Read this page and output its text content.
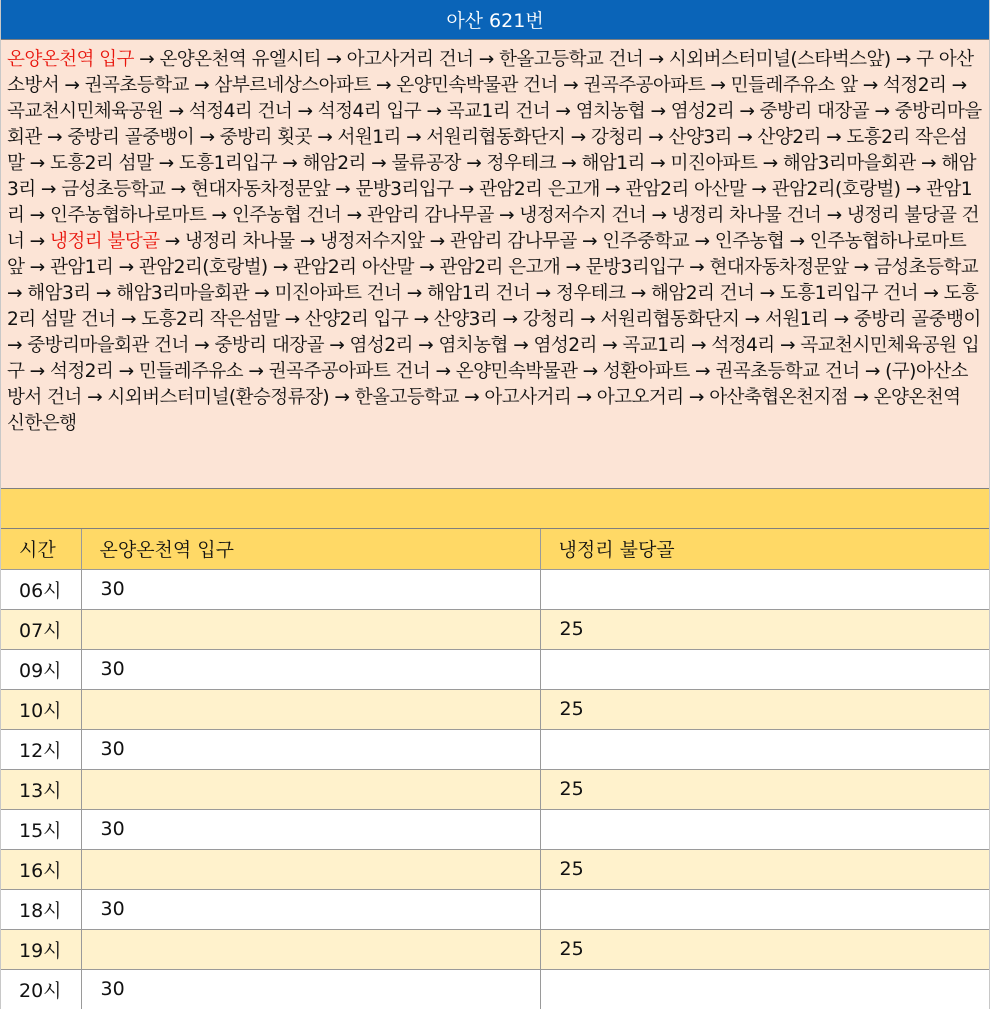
아산 621번
온양온천역 입구 → 온양온천역 유엘시티 → 아고사거리 건너 → 한올고등학교 건너 → 시외버스터미널(스타벅스앞) → 구 아산소방서 → 권곡초등학교 → 삼부르네상스아파트 → 온양민속박물관 건너 → 권곡주공아파트 → 민들레주유소 앞 → 석정2리 → 곡교천시민체육공원 → 석정4리 건너 → 석정4리 입구 → 곡교1리 건너 → 염치농협 → 염성2리 → 중방리 대장골 → 중방리마을회관 → 중방리 골중뱅이 → 중방리 횟곳 → 서원1리 → 서원리협동화단지 → 강청리 → 산양3리 → 산양2리 → 도흥2리 작은섬말 → 도흥2리 섬말 → 도흥1리입구 → 해암2리 → 물류공장 → 정우테크 → 해암1리 → 미진아파트 → 해암3리마을회관 → 해암3리 → 금성초등학교 → 현대자동차정문앞 → 문방3리입구 → 관암2리 은고개 → 관암2리 아산말 → 관암2리(호랑벌) → 관암1리 → 인주농협하나로마트 → 인주농협 건너 → 관암리 감나무골 → 냉정저수지 건너 → 냉정리 차나물 건너 → 냉정리 불당골 건너 → 냉정리 불당골 → 냉정리 차나물 → 냉정저수지앞 → 관암리 감나무골 → 인주중학교 → 인주농협 → 인주농협하나로마트 앞 → 관암1리 → 관암2리(호랑벌) → 관암2리 아산말 → 관암2리 은고개 → 문방3리입구 → 현대자동차정문앞 → 금성초등학교 → 해암3리 → 해암3리마을회관 → 미진아파트 건너 → 해암1리 건너 → 정우테크 → 해암2리 건너 → 도흥1리입구 건너 → 도흥2리 섬말 건너 → 도흥2리 작은섬말 → 산양2리 입구 → 산양3리 → 강청리 → 서원리협동화단지 → 서원1리 → 중방리 골중뱅이 → 중방리마을회관 건너 → 중방리 대장골 → 염성2리 → 염치농협 → 염성2리 → 곡교1리 → 석정4리 → 곡교천시민체육공원 입구 → 석정2리 → 민들레주유소 → 권곡주공아파트 건너 → 온양민속박물관 → 성환아파트 → 권곡초등학교 건너 → (구)아산소방서 건너 → 시외버스터미널(환승정류장) → 한올고등학교 → 아고사거리 → 아고오거리 → 아산축협온천지점 → 온양온천역 신한은행
시간	온양온천역 입구	냉정리 불당골
06시	30	
07시		25
09시	30	
10시		25
12시	30	
13시		25
15시	30	
16시		25
18시	30	
19시		25
20시	30	
